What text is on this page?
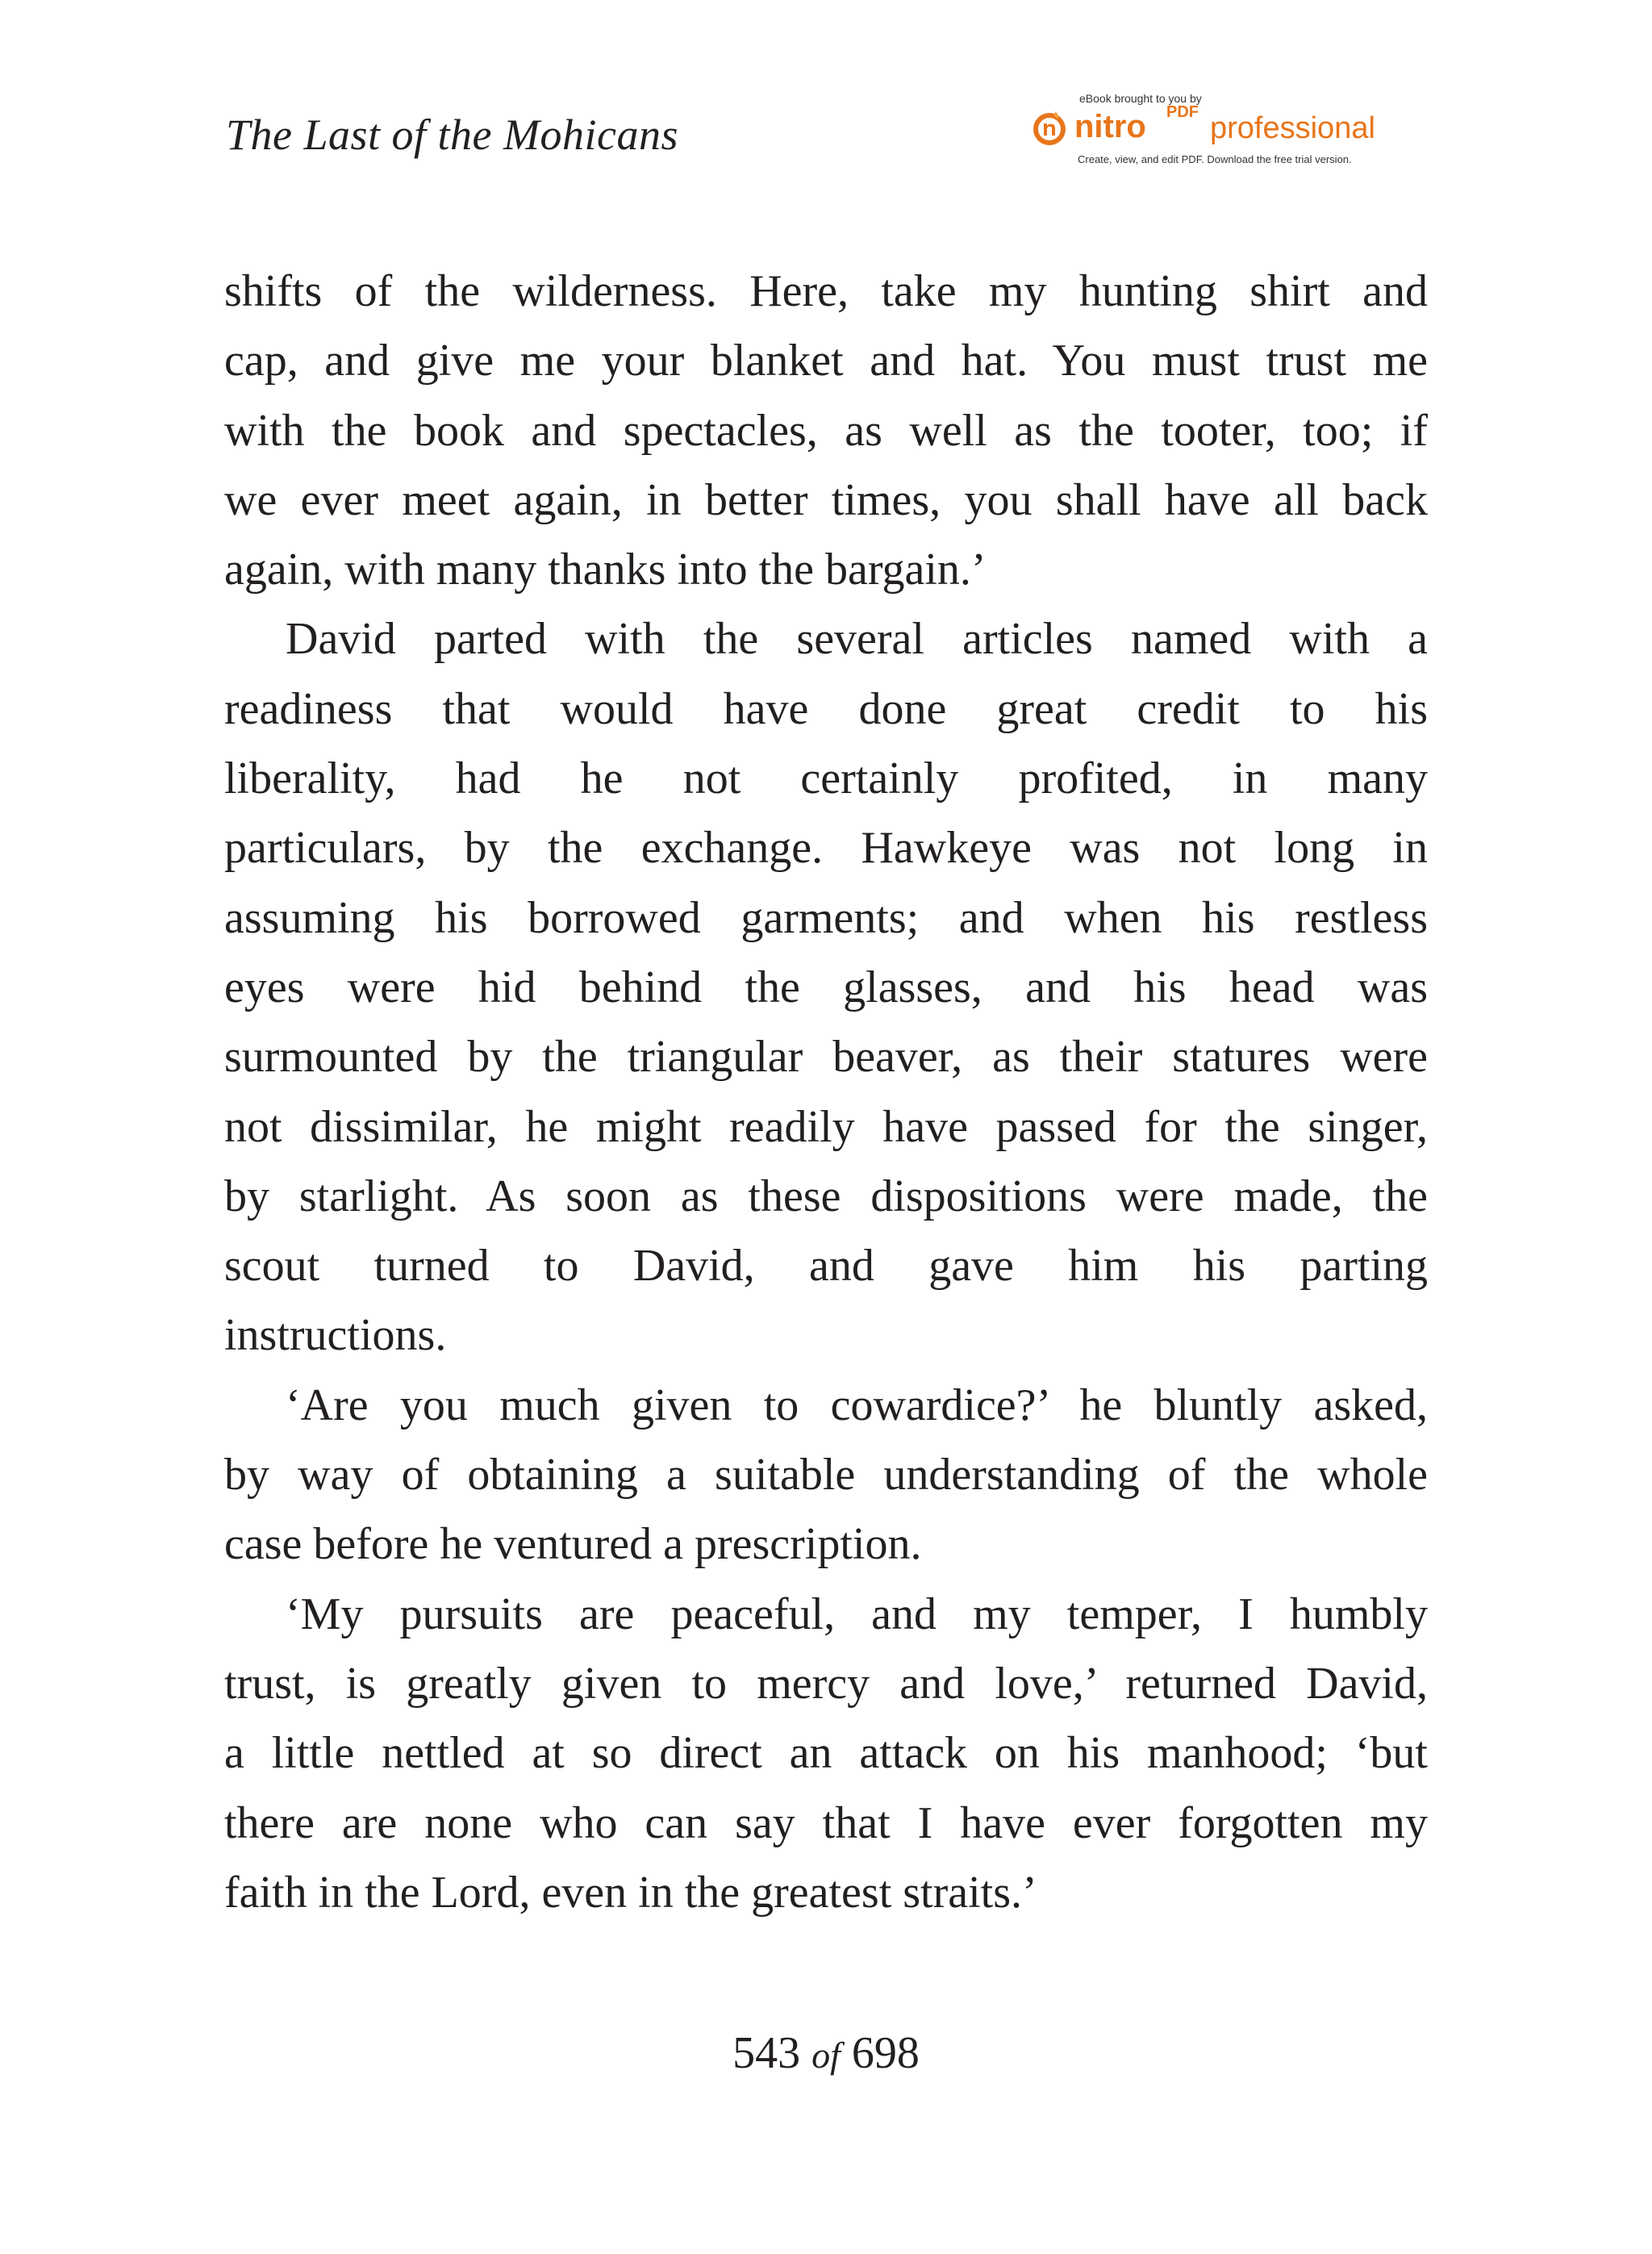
The Last of the Mohicans
eBook brought to you by
nitro PDF professional
Create, view, and edit PDF. Download the free trial version.
shifts of the wilderness. Here, take my hunting shirt and
cap, and give me your blanket and hat. You must trust me
with the book and spectacles, as well as the tooter, too; if
we ever meet again, in better times, you shall have all back
again, with many thanks into the bargain.’
David parted with the several articles named with a
readiness that would have done great credit to his
liberality, had he not certainly profited, in many
particulars, by the exchange. Hawkeye was not long in
assuming his borrowed garments; and when his restless
eyes were hid behind the glasses, and his head was
surmounted by the triangular beaver, as their statures were
not dissimilar, he might readily have passed for the singer,
by starlight. As soon as these dispositions were made, the
scout turned to David, and gave him his parting
instructions.
‘Are you much given to cowardice?’ he bluntly asked,
by way of obtaining a suitable understanding of the whole
case before he ventured a prescription.
‘My pursuits are peaceful, and my temper, I humbly
trust, is greatly given to mercy and love,’ returned David,
a little nettled at so direct an attack on his manhood; ‘but
there are none who can say that I have ever forgotten my
faith in the Lord, even in the greatest straits.’
543 of 698
